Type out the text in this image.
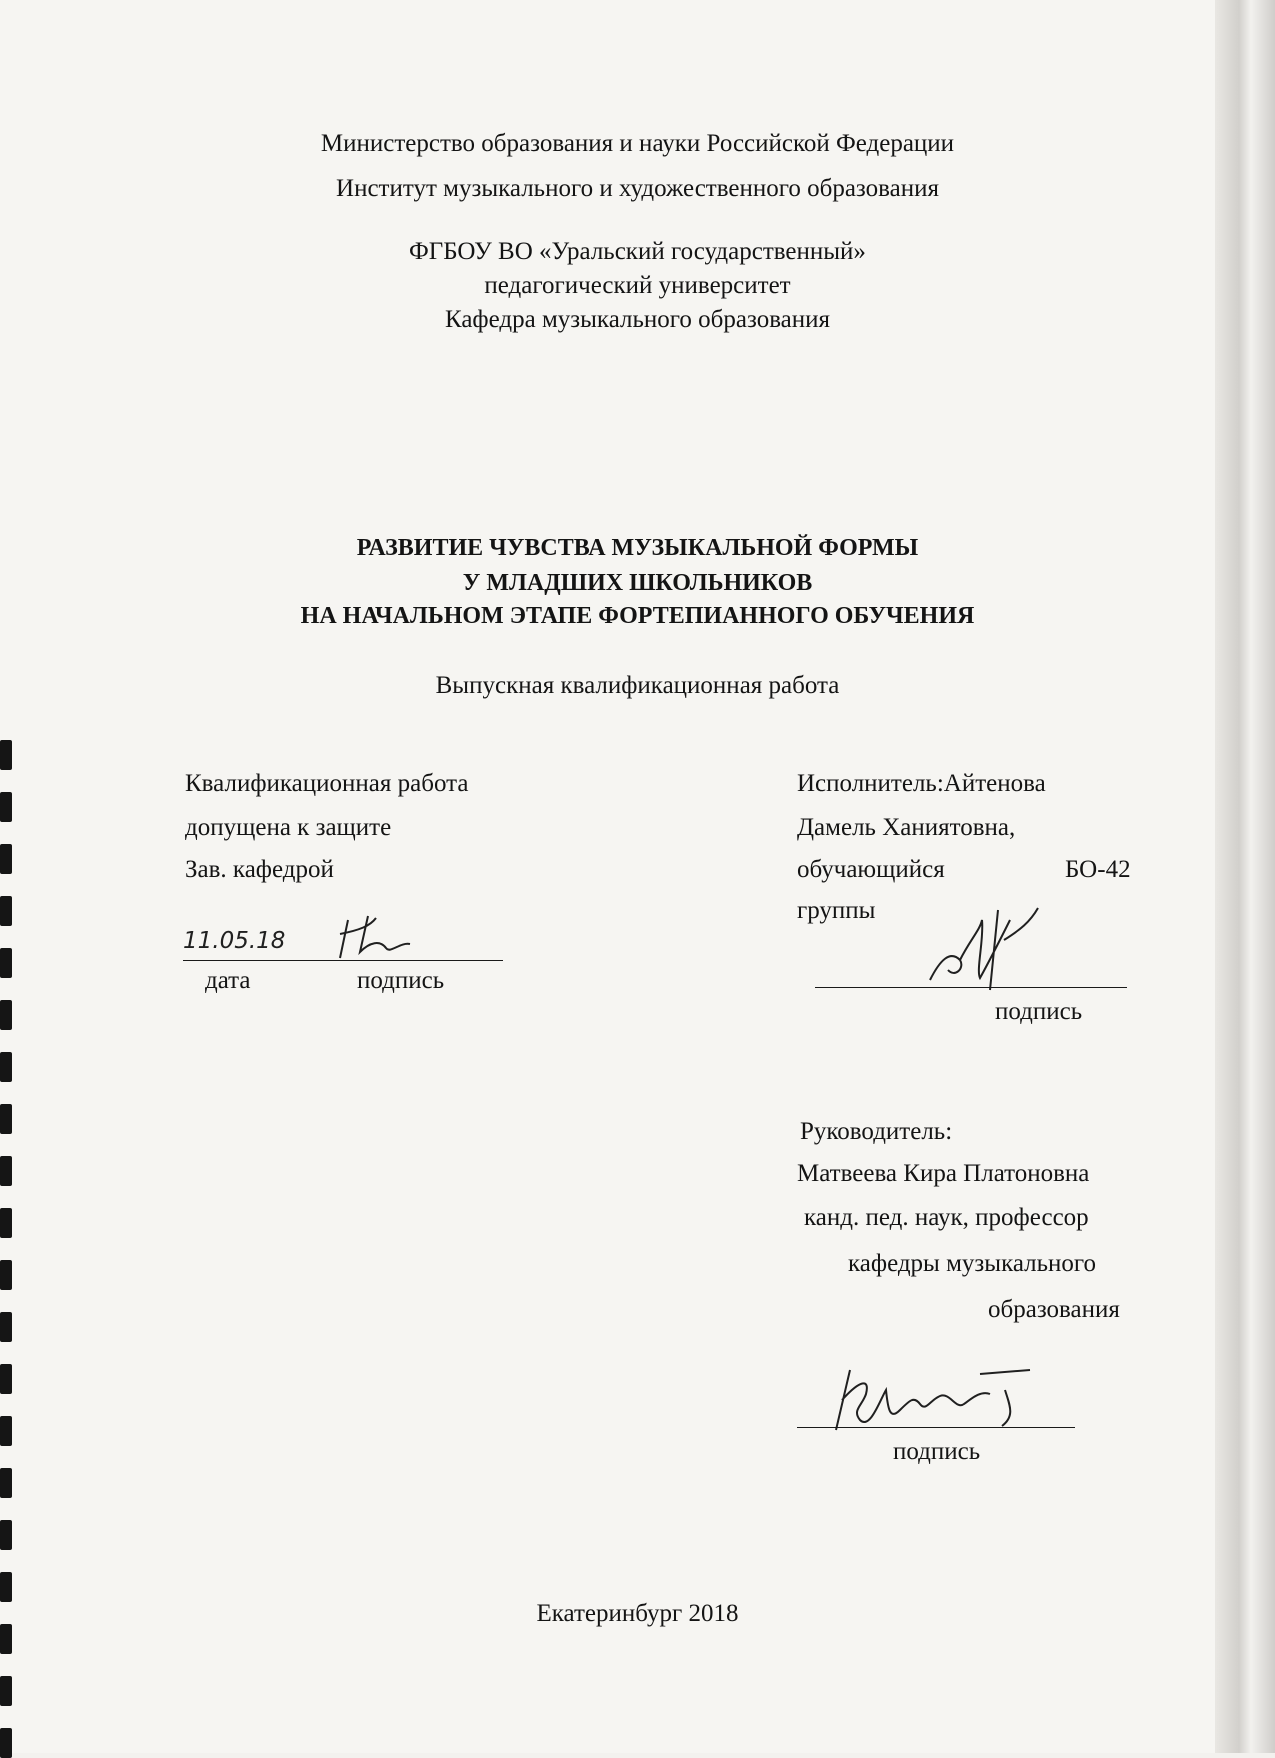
Министерство образования и науки Российской Федерации
Институт музыкального и художественного образования
ФГБОУ ВО «Уральский государственный»
педагогический университет
Кафедра музыкального образования
РАЗВИТИЕ ЧУВСТВА МУЗЫКАЛЬНОЙ ФОРМЫ
У МЛАДШИХ ШКОЛЬНИКОВ
НА НАЧАЛЬНОМ ЭТАПЕ ФОРТЕПИАННОГО ОБУЧЕНИЯ
Выпускная квалификационная работа
Квалификационная работа
допущена к защите
Зав. кафедрой
11.05.18
дата	подпись
Исполнитель:Айтенова
Дамель Ханиятовна,
обучающийся	БО-42
группы
подпись
Руководитель:
Матвеева Кира Платоновна
канд. пед. наук, профессор
кафедры музыкального
образования
подпись
Екатеринбург 2018
